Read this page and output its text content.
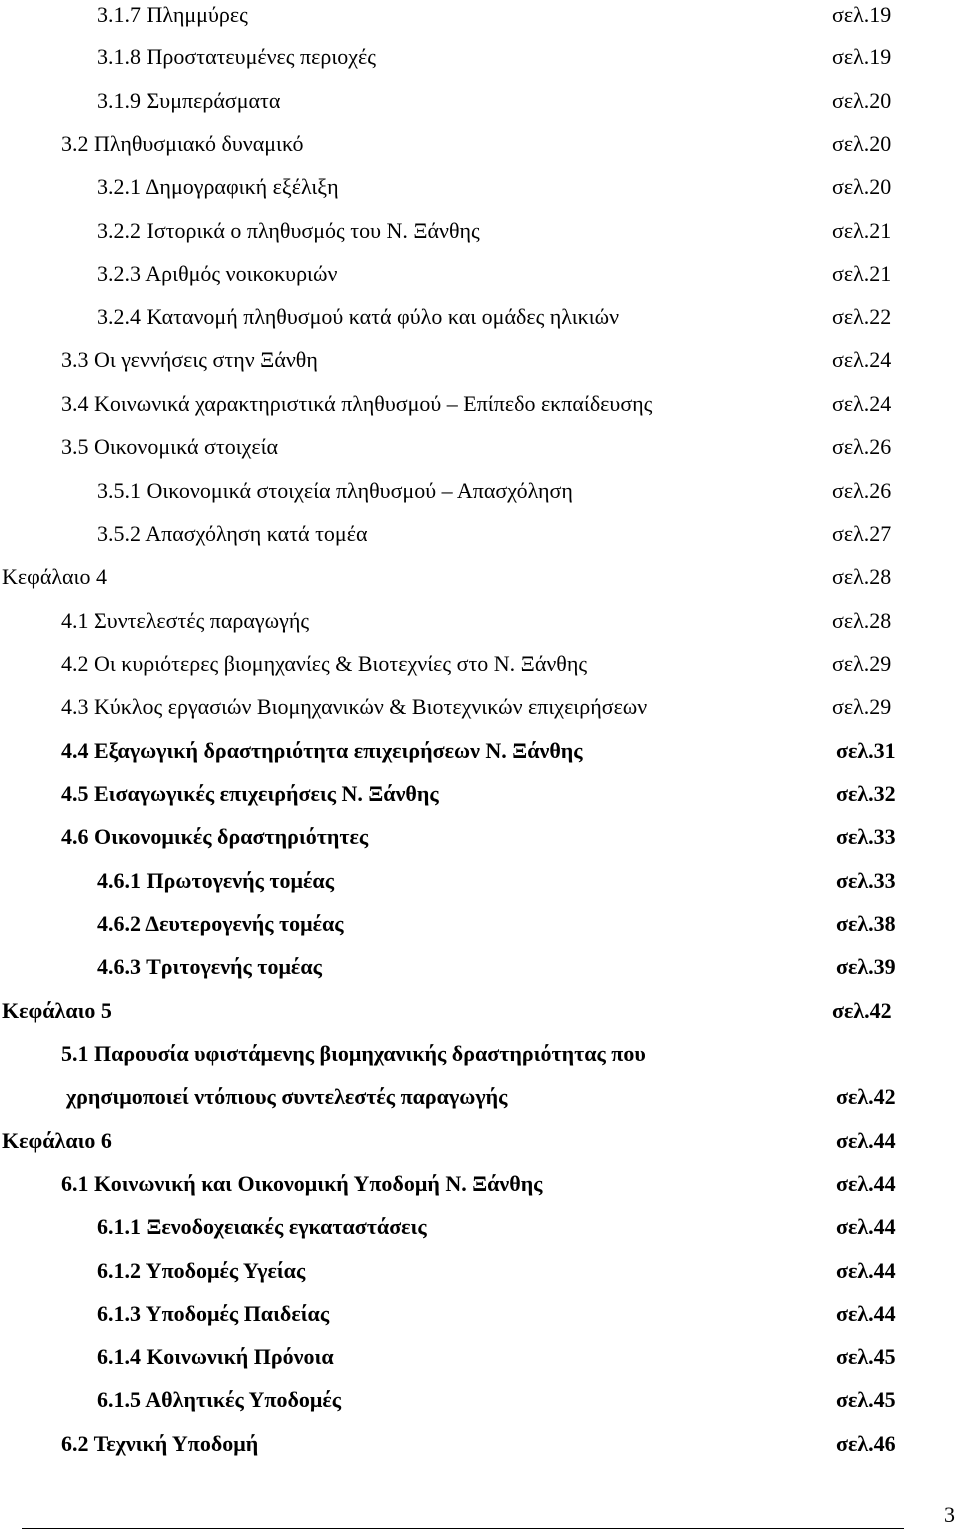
3.1.7 Πλημμύρες	σελ.19
3.1.8 Προστατευμένες περιοχές	σελ.19
3.1.9 Συμπεράσματα	σελ.20
3.2 Πληθυσμιακό δυναμικό	σελ.20
3.2.1 Δημογραφική εξέλιξη	σελ.20
3.2.2 Ιστορικά ο πληθυσμός του Ν. Ξάνθης	σελ.21
3.2.3 Αριθμός νοικοκυριών	σελ.21
3.2.4 Κατανομή πληθυσμού κατά φύλο και ομάδες ηλικιών	σελ.22
3.3 Οι γεννήσεις στην Ξάνθη	σελ.24
3.4 Κοινωνικά χαρακτηριστικά πληθυσμού – Επίπεδο εκπαίδευσης	σελ.24
3.5 Οικονομικά στοιχεία	σελ.26
3.5.1 Οικονομικά στοιχεία πληθυσμού – Απασχόληση	σελ.26
3.5.2 Απασχόληση κατά τομέα	σελ.27
Κεφάλαιο 4	σελ.28
4.1 Συντελεστές παραγωγής	σελ.28
4.2 Οι κυριότερες βιομηχανίες & Βιοτεχνίες στο Ν. Ξάνθης	σελ.29
4.3 Κύκλος εργασιών Βιομηχανικών & Βιοτεχνικών επιχειρήσεων	σελ.29
4.4 Εξαγωγική δραστηριότητα επιχειρήσεων Ν. Ξάνθης	σελ.31
4.5 Εισαγωγικές επιχειρήσεις Ν. Ξάνθης	σελ.32
4.6 Οικονομικές δραστηριότητες	σελ.33
4.6.1 Πρωτογενής τομέας	σελ.33
4.6.2 Δευτερογενής τομέας	σελ.38
4.6.3 Τριτογενής τομέας	σελ.39
Κεφάλαιο 5	σελ.42
5.1 Παρουσία υφιστάμενης βιομηχανικής δραστηριότητας που
χρησιμοποιεί ντόπιους συντελεστές παραγωγής	σελ.42
Κεφάλαιο 6	σελ.44
6.1 Κοινωνική και Οικονομική Υποδομή Ν. Ξάνθης	σελ.44
6.1.1 Ξενοδοχειακές εγκαταστάσεις	σελ.44
6.1.2 Υποδομές Υγείας	σελ.44
6.1.3 Υποδομές Παιδείας	σελ.44
6.1.4 Κοινωνική Πρόνοια	σελ.45
6.1.5 Αθλητικές Υποδομές	σελ.45
6.2 Τεχνική Υποδομή	σελ.46
3
